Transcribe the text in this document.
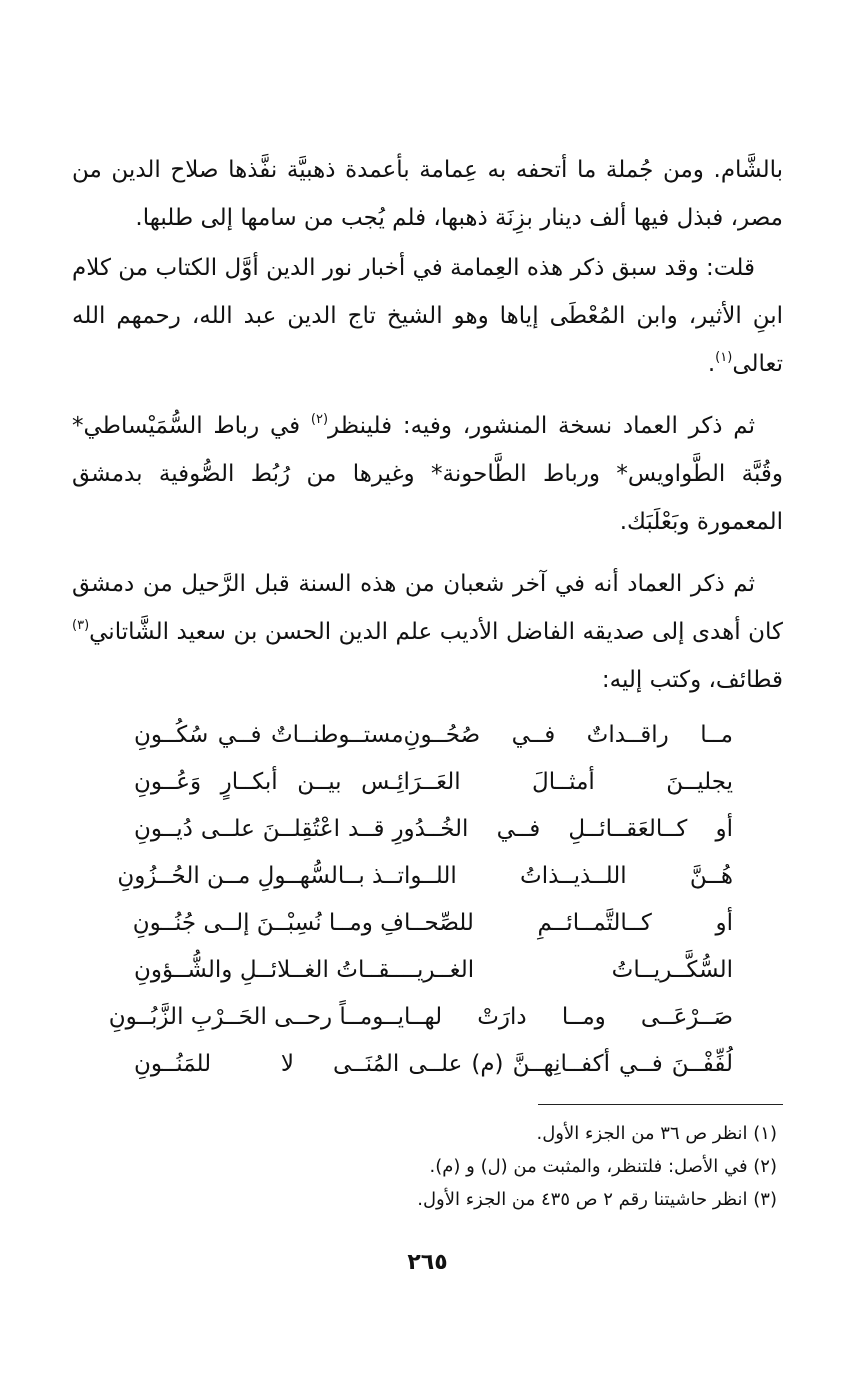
بالشَّام. ومن جُملة ما أتحفه به عِمامة بأعمدة ذهبيَّة نفَّذها صلاح الدين من مصر، فبذل فيها ألف دينار بزِنَة ذهبها، فلم يُجب من سامها إلى طلبها.

قلت: وقد سبق ذكر هذه العِمامة في أخبار نور الدين أوَّل الكتاب من كلام ابنِ الأثير، وابن المُعْطَى إياها وهو الشيخ تاج الدين عبد الله، رحمهم الله تعالى$^{(١)}$.

ثم ذكر العماد نسخة المنشور، وفيه: فلينظر$^{(٢)}$ في رباط السُّمَيْساطي* وقُبَّة الطَّواويس* ورباط الطَّاحونة* وغيرها من رُبُط الصُّوفية بدمشق المعمورة وبَعْلَبَك.

ثم ذكر العماد أنه في آخر شعبان من هذه السنة قبل الرَّحيل من دمشق كان أهدى إلى صديقه الفاضل الأديب علم الدين الحسن بن سعيد الشَّاتاني$^{(٣)}$ قطائف، وكتب إليه:

مــا راقــداتٌ فــي صُحُــونِ
مستــوطنــاتٌ فــي سُكُــونِ
يجليــنَ أمثــالَ العَــرَا
ئِـس بيــن أبكــارٍ وَعُــونِ
أو كــالعَقــائــلِ فــي الخُــدُو
رِ قــد اعْتُقِلــنَ علــى دُيــونِ
هُــنَّ اللــذيــذاتُ اللــوا
تــذ بــالسُّهــولِ مــن الحُــزُونِ
أو كــالتَّمــائــمِ للصِّحــا
فِ ومــا نُسِبْــنَ إلــى جُنُــونِ
السُّكَّــريــاتُ الغــريــ
ــقــاتُ الغــلائــلِ والشُّــؤونِ
صَــرْعَــى ومــا دارَتْ لهــا
يــومــاً رحــى الحَــرْبِ الزَّبُــونِ
لُفِّفْــنَ فــي أكفــانِهــنَّ (م) علــى المُنَــى
لا للمَنُــونِ
(١) انظر ص ٣٦ من الجزء الأول.
(٢) في الأصل: فلتنظر، والمثبت من (ل) و (م).
(٣) انظر حاشيتنا رقم ٢ ص ٤٣٥ من الجزء الأول.
٢٦٥
